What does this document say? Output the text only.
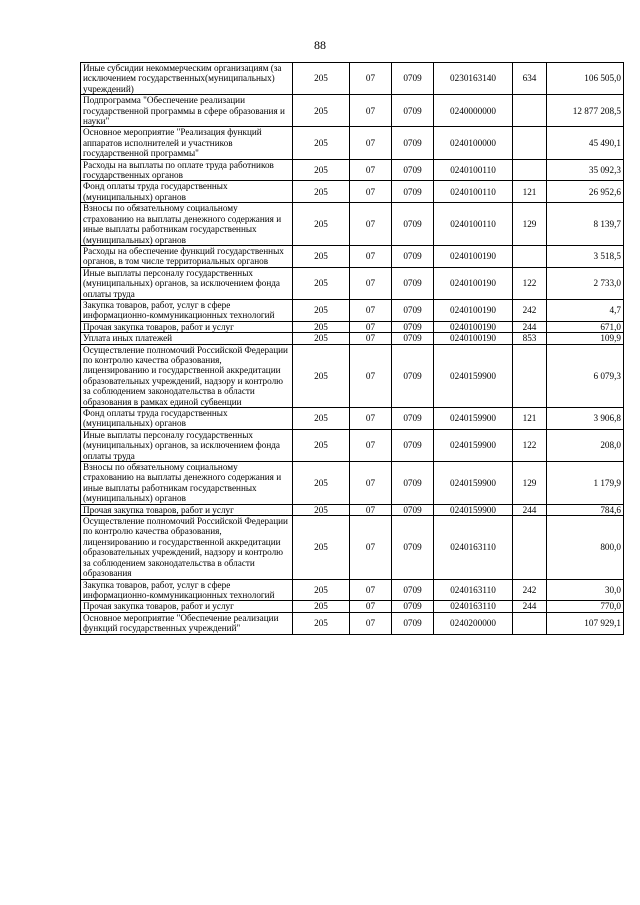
88
Иные субсидии некоммерческим организациям (за исключением государственных(муниципальных) учреждений)	205	07	0709	0230163140	634	106 505,0
Подпрограмма "Обеспечение реализации государственной программы в сфере образования и науки"	205	07	0709	0240000000		12 877 208,5
Основное мероприятие "Реализация функций аппаратов исполнителей и участников государственной программы"	205	07	0709	0240100000		45 490,1
Расходы на выплаты по оплате труда работников государственных органов	205	07	0709	0240100110		35 092,3
Фонд оплаты труда государственных (муниципальных) органов	205	07	0709	0240100110	121	26 952,6
Взносы по обязательному социальному страхованию на выплаты денежного содержания и иные выплаты работникам государственных (муниципальных) органов	205	07	0709	0240100110	129	8 139,7
Расходы на обеспечение функций государственных органов, в том числе территориальных органов	205	07	0709	0240100190		3 518,5
Иные выплаты персоналу государственных (муниципальных) органов, за исключением фонда оплаты труда	205	07	0709	0240100190	122	2 733,0
Закупка товаров, работ, услуг в сфере информационно-коммуникационных технологий	205	07	0709	0240100190	242	4,7
Прочая закупка товаров, работ и услуг	205	07	0709	0240100190	244	671,0
Уплата иных платежей	205	07	0709	0240100190	853	109,9
Осуществление полномочий Российской Федерации по контролю качества образования, лицензированию и государственной аккредитации образовательных учреждений, надзору и контролю за соблюдением законодательства в области образования в рамках единой субвенции	205	07	0709	0240159900		6 079,3
Фонд оплаты труда государственных (муниципальных) органов	205	07	0709	0240159900	121	3 906,8
Иные выплаты персоналу государственных (муниципальных) органов, за исключением фонда оплаты труда	205	07	0709	0240159900	122	208,0
Взносы по обязательному социальному страхованию на выплаты денежного содержания и иные выплаты работникам государственных (муниципальных) органов	205	07	0709	0240159900	129	1 179,9
Прочая закупка товаров, работ и услуг	205	07	0709	0240159900	244	784,6
Осуществление полномочий Российской Федерации по контролю качества образования, лицензированию и государственной аккредитации образовательных учреждений, надзору и контролю за соблюдением законодательства в области образования	205	07	0709	0240163110		800,0
Закупка товаров, работ, услуг в сфере информационно-коммуникационных технологий	205	07	0709	0240163110	242	30,0
Прочая закупка товаров, работ и услуг	205	07	0709	0240163110	244	770,0
Основное мероприятие "Обеспечение реализации функций государственных учреждений"	205	07	0709	0240200000		107 929,1
